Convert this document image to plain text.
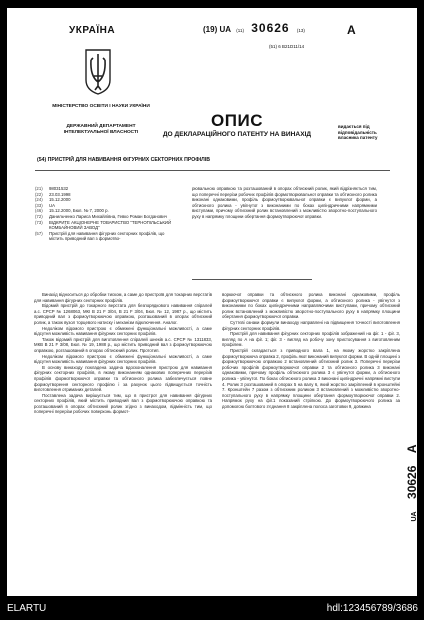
УКРАЇНА
МІНІСТЕРСТВО ОСВІТИ І НАУКИ УКРАЇНИ
ДЕРЖАВНИЙ ДЕПАРТАМЕНТ ІНТЕЛЕКТУАЛЬНОЇ ВЛАСНОСТІ
(19) UA (11) 30626 (13)	A
(51) 6 B21D11/14
ОПИС
ДО ДЕКЛАРАЦІЙНОГО ПАТЕНТУ НА ВИНАХІД
видається під відповідальність власника патенту
(54) ПРИСТРІЙ ДЛЯ НАВИВАННЯ ФІГУРНИХ СЕКТОРНИХ ПРОФІЛІВ
(21)	98031532
(22)	23.03.1998
(24)	15.12.2000
(33)	UA
(46)	15.12.2000, Бюл. № 7, 2000 р.
(72)	Данильченко Лариса Михайлівна, Гевко Роман Богданович
(73)	ВІДКРИТЕ АКЦІОНЕРНЕ ТОВАРИСТВО "ТЕРНОПІЛЬСЬКИЙ КОМБАЙНОВИЙ ЗАВОД"
(57)	Пристрій для навивання фігурних секторних профілів, що містить приводний вал з формотво-
рювальною оправкою та розташований в опорах обтискний ролик, який відрізняється тим, що поперечні перерізи робочих профілів формотворювальної оправки та обтискного ролика виконані однаковими, профіль формоутворювальної оправки є випуклої форми, а обтискного ролика - увігнутої з виконаними по боках циліндричними напрямними виступами, причому обтискний ролик встановлений з можливістю зворотно-поступального руху в напрямку площини обертання формоутворюючої оправки.

Винахід відноситься до обробки тиском, а саме до пристроїв для токарних верстатів для навивання фігурних секторних профілів.

Відомий пристрій до токарного верстата для безпорядкового навивання спіралей а.с. СРСР № 1268063, МКІ В 21 F 3/04, В 21 F 3/04, Бюл. № 12, 1987 р., що містить приводний вал з формоутворюючою оправкою, розташований в опорах обтискний ролик, а також вузол торцевого натиску і механізм відключення. Аналог.

Недоліком відомого пристрою є обмежені функціональні можливості, а саме відсутня можливість навивання фігурних секторних профілів.

Також відомий пристрій для виготовлення спіралей шнеків а.с. СРСР № 1311833, МКВ В 21 F 3/08, Бюл. № 19, 1988 р., що містить приводний вал з формоутворюючою оправкою, розташований в опорах обтискний ролик. Прототип.

Недоліком відомого пристрою є обмежені функціональні можливості, а саме відсутня можливість навивання фігурних секторних профілів.

В основу винаходу покладена задача вдосконалення пристрою для навивання фігурних секторних профілів, в якому виконанням однакових поперечних перерізів профілів формотворюючої оправки та обтискного ролика забезпечується повне формоутворення секторного профілю і за рахунок цього підвищується точність виготовлення отриманих деталей.

Поставлена задача вирішується тим, що в пристрої для навивання фігурних секторних профілів, який містить приводний вал з формотворюючою оправкою та розташований в опорах обтискний ролик згідно з винаходом, відмінність тим, що поперечні перерізи робочих поверхонь формот-

ворюючої оправки та обтискного ролика виконані однаковими, профіль формоутворюючої оправки є випуклої форми, а обтискного ролика - увігнутої з виконаними по боках циліндричними направляючими виступами, причому обтискний ролик встановлений з можливістю зворотно-поступального руху в напрямку площини обертання формоутворюючої оправки.

Суттєві ознаки формули винаходу направлені на підвищення точності виготовлення фігурних секторних профілів.

Пристрій для навивання фігурних секторних профілів зображений на фіг. 1 - фіг. 3, вигляд по А на фіг. 1; фіг. 3 - вигляд на робочу зону пристосування з виготовленим профілем.

Пристрій складається з приводного вала 1, на якому жорстко закріплена формоутворююча оправка 2, профіль якої виконаний випуклої форми. В одній площині з формоутворюючою оправкою 2 встановлений обтискний ролик 3. Поперечні перерізи робочих профілів формоутворюючої оправки 2 та обтискного ролика 3 виконані однаковими, причому профіль обтискного ролика 3 є увігнутої форми, а обтискного ролика - увігнутої. По боках обтискного ролика 3 виконані циліндричні напрямні виступи 4. Ролик 3 розташований в опорах 5 на валу 6, який жорстко закріплений в кронштейні 7. Кронштейн 7 разом з обтискним роликом 3 встановлений з можливістю зворотно-поступального руху в напрямку площини обертання формоутворюючої оправки 2. Напрямок руху на фіг.1 показаний стрілкою. До формоутворюючого ролика за допомогою болтового з'єднання 8 закріплена полоса заготовки 9, довжина

UA 30626 A
ELARTU	hdl:123456789/3686
